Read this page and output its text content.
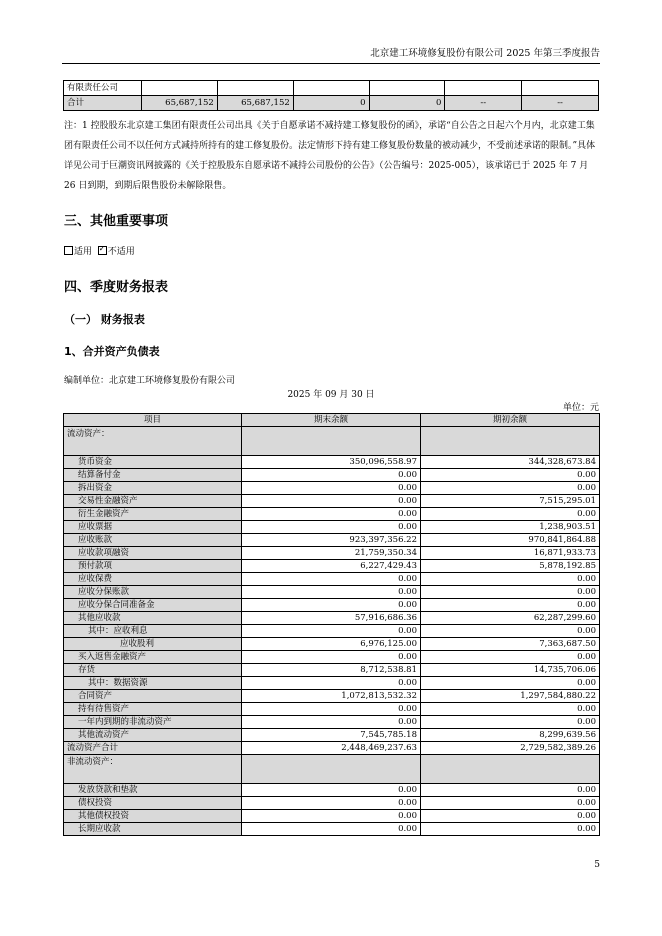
北京建工环境修复股份有限公司 2025 年第三季度报告
有限责任公司						
合计	65,687,152	65,687,152	0	0	--	--
注：1 控股股东北京建工集团有限责任公司出具《关于自愿承诺不减持建工修复股份的函》，承诺“自公告之日起六个月内，北京建工集团有限责任公司不以任何方式减持所持有的建工修复股份。法定情形下持有建工修复股份数量的被动减少，不受前述承诺的限制。”具体详见公司于巨潮资讯网披露的《关于控股股东自愿承诺不减持公司股份的公告》（公告编号：2025-005），该承诺已于 2025 年 7 月 26 日到期，到期后限售股份未解除限售。
三、其他重要事项
适用 ✓ 不适用
四、季度财务报表
（一） 财务报表
1、合并资产负债表
编制单位：北京建工环境修复股份有限公司
2025 年 09 月 30 日
单位：元
项目	期末余额	期初余额
流动资产：		
货币资金	350,096,558.97	344,328,673.84
结算备付金	0.00	0.00
拆出资金	0.00	0.00
交易性金融资产	0.00	7,515,295.01
衍生金融资产	0.00	0.00
应收票据	0.00	1,238,903.51
应收账款	923,397,356.22	970,841,864.88
应收款项融资	21,759,350.34	16,871,933.73
预付款项	6,227,429.43	5,878,192.85
应收保费	0.00	0.00
应收分保账款	0.00	0.00
应收分保合同准备金	0.00	0.00
其他应收款	57,916,686.36	62,287,299.60
其中：应收利息	0.00	0.00
应收股利	6,976,125.00	7,363,687.50
买入返售金融资产	0.00	0.00
存货	8,712,538.81	14,735,706.06
其中：数据资源	0.00	0.00
合同资产	1,072,813,532.32	1,297,584,880.22
持有待售资产	0.00	0.00
一年内到期的非流动资产	0.00	0.00
其他流动资产	7,545,785.18	8,299,639.56
流动资产合计	2,448,469,237.63	2,729,582,389.26
非流动资产：		
发放贷款和垫款	0.00	0.00
债权投资	0.00	0.00
其他债权投资	0.00	0.00
长期应收款	0.00	0.00
5
